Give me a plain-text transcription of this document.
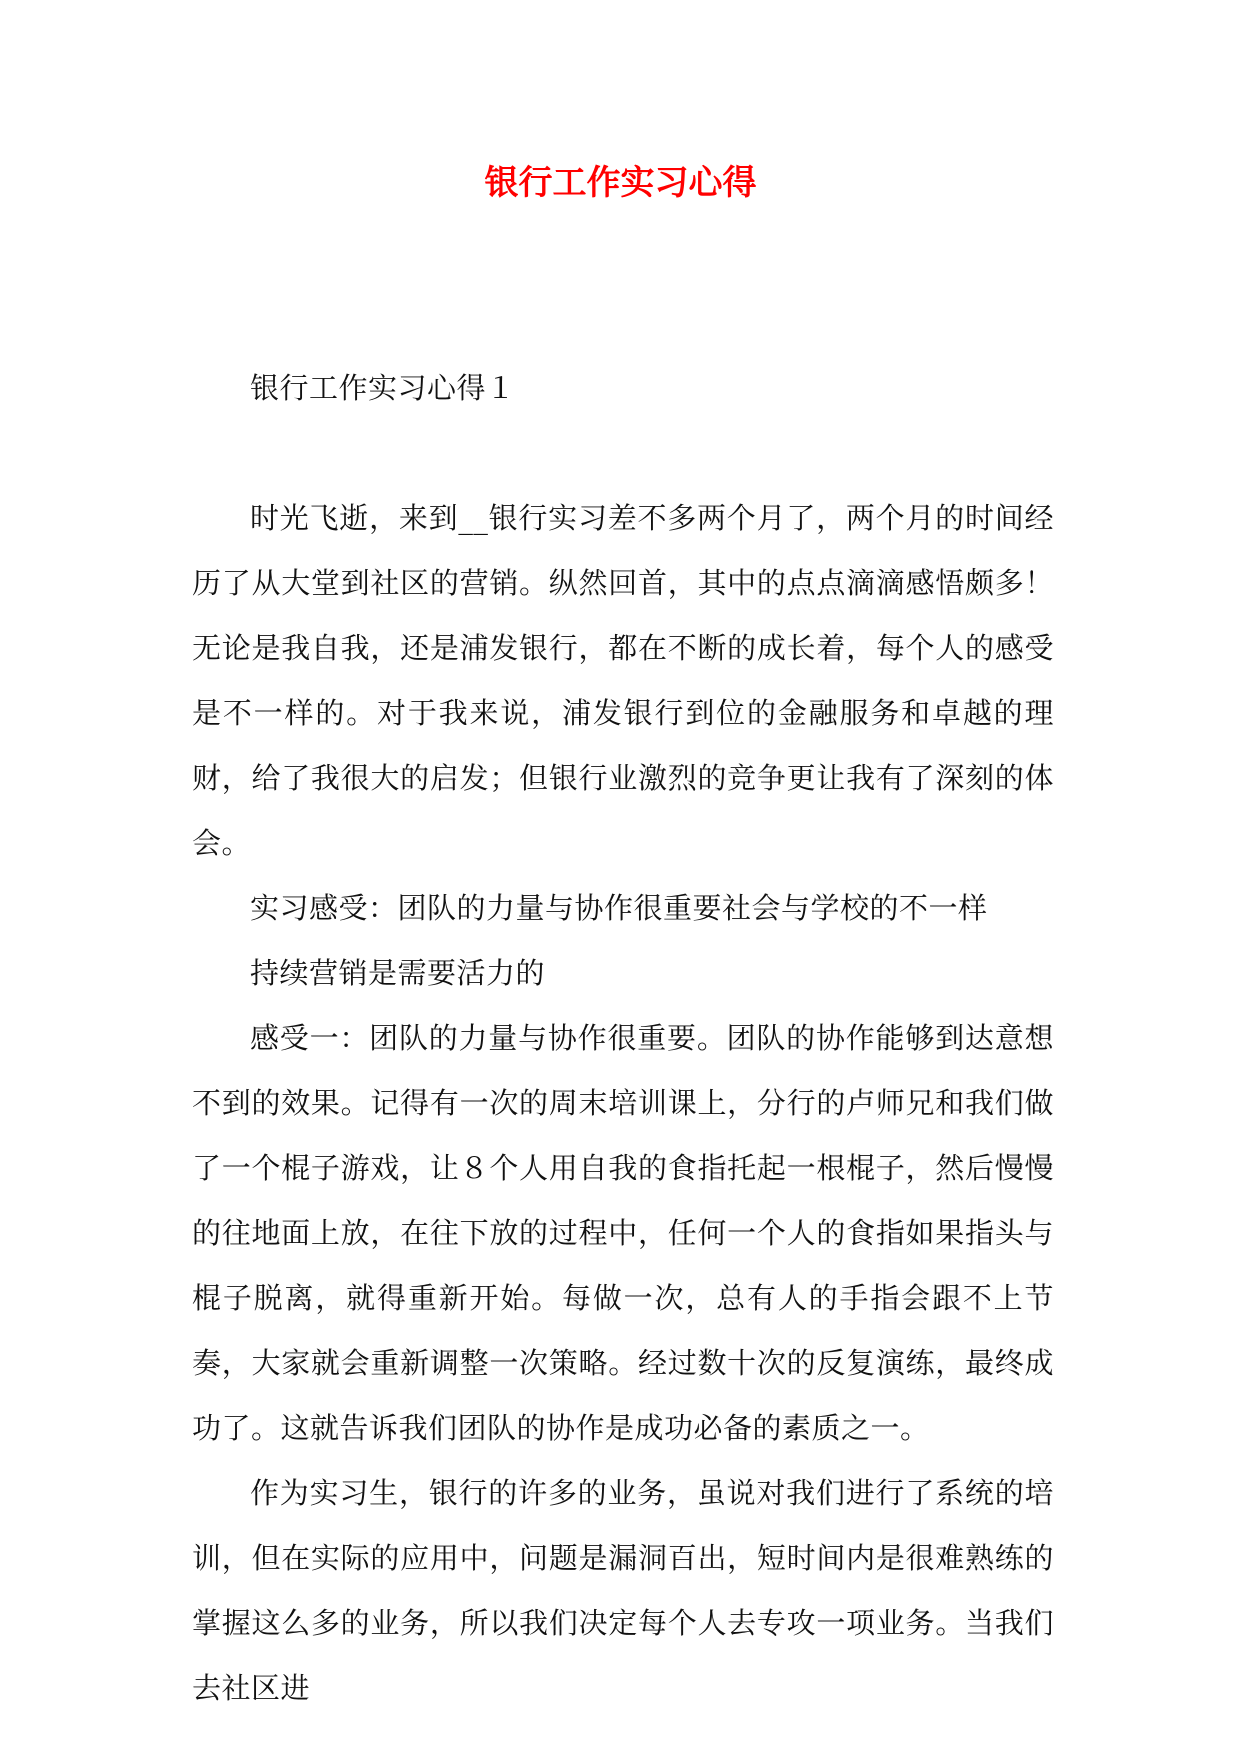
银行工作实习心得

银行工作实习心得１

时光飞逝，来到__银行实习差不多两个月了，两个月的时间经历了从大堂到社区的营销。纵然回首，其中的点点滴滴感悟颇多！无论是我自我，还是浦发银行，都在不断的成长着，每个人的感受是不一样的。对于我来说，浦发银行到位的金融服务和卓越的理财，给了我很大的启发；但银行业激烈的竞争更让我有了深刻的体会。

实习感受：团队的力量与协作很重要社会与学校的不一样

持续营销是需要活力的

感受一：团队的力量与协作很重要。团队的协作能够到达意想不到的效果。记得有一次的周末培训课上，分行的卢师兄和我们做了一个棍子游戏，让８个人用自我的食指托起一根棍子，然后慢慢的往地面上放，在往下放的过程中，任何一个人的食指如果指头与棍子脱离，就得重新开始。每做一次，总有人的手指会跟不上节奏，大家就会重新调整一次策略。经过数十次的反复演练，最终成功了。这就告诉我们团队的协作是成功必备的素质之一。

作为实习生，银行的许多的业务，虽说对我们进行了系统的培训，但在实际的应用中，问题是漏洞百出，短时间内是很难熟练的掌握这么多的业务，所以我们决定每个人去专攻一项业务。当我们去社区进
